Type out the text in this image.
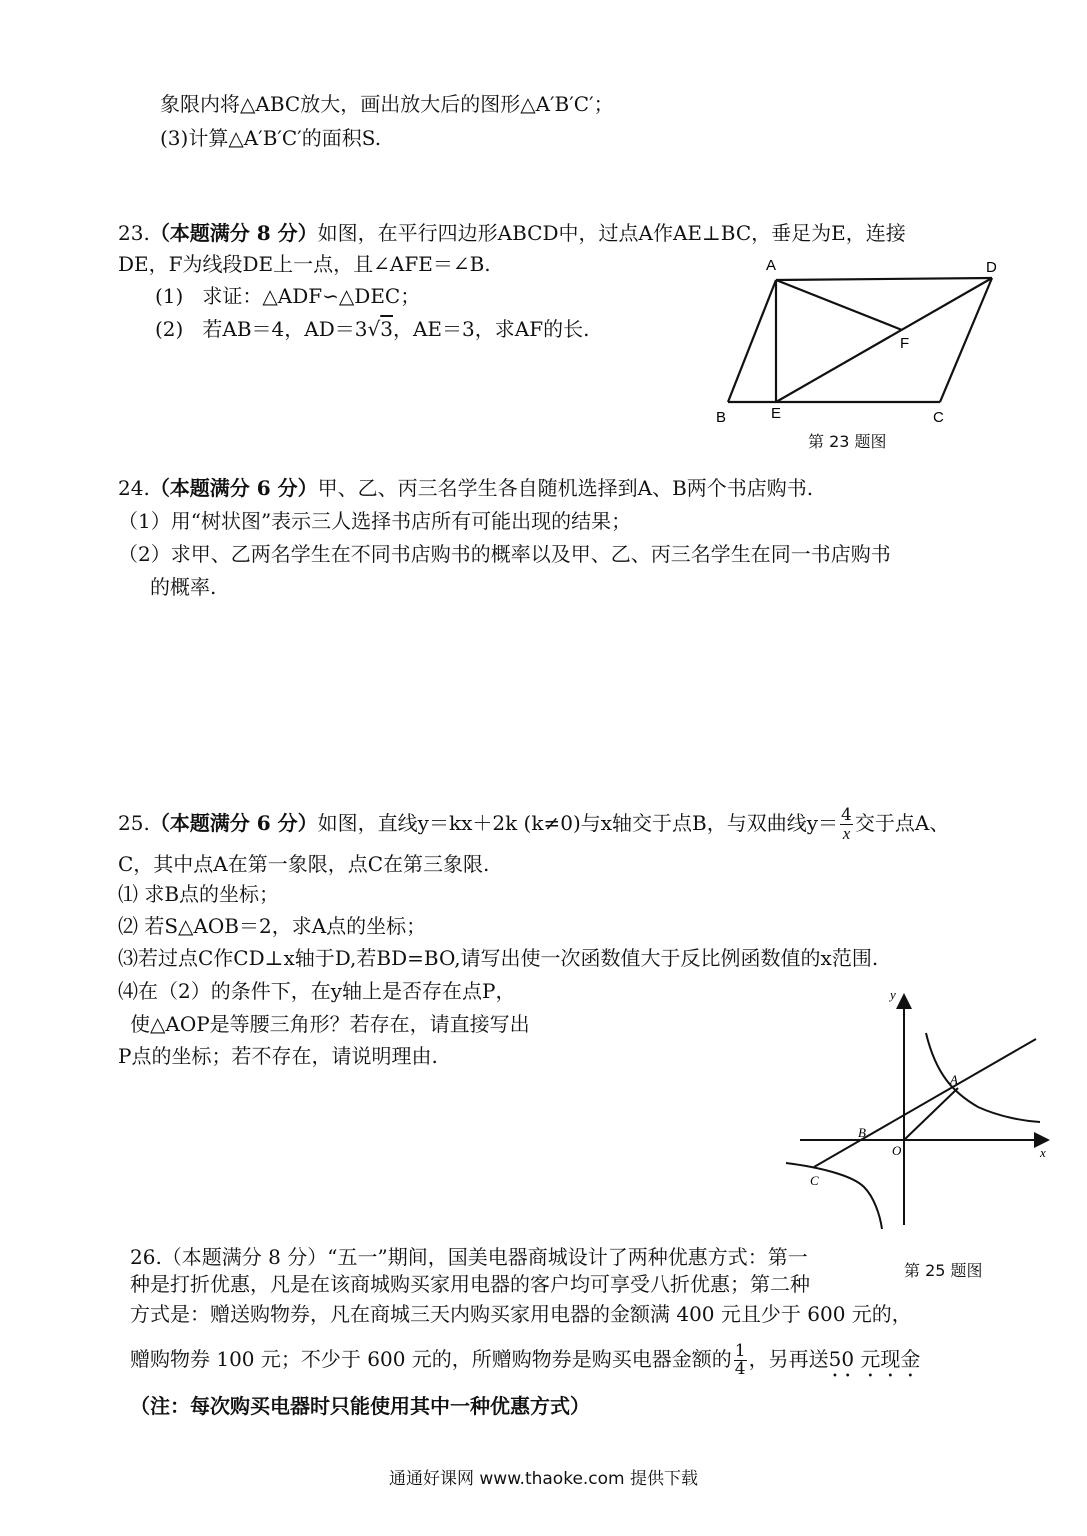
象限内将△ABC放大，画出放大后的图形△A′B′C′；
(3)计算△A′B′C′的面积S.
23.（本题满分 8 分）如图，在平行四边形ABCD中，过点A作AE⊥BC，垂足为E，连接
DE，F为线段DE上一点，且∠AFE＝∠B.
(1) 求证：△ADF∽△DEC；
(2) 若AB＝4，AD＝3√3，AE＝3，求AF的长.
A	D
F
B	E	C
第 23 题图
24.（本题满分 6 分）甲、乙、丙三名学生各自随机选择到A、B两个书店购书.
（1）用“树状图”表示三人选择书店所有可能出现的结果；
（2）求甲、乙两名学生在不同书店购书的概率以及甲、乙、丙三名学生在同一书店购书
的概率.
25.（本题满分 6 分）如图，直线y＝kx＋2k (k≠0)与x轴交于点B，与双曲线$y= \frac{4}{x}$ 交于点A、
C，其中点A在第一象限，点C在第三象限.
⑴ 求B点的坐标；
⑵ 若S△AOB＝2，求A点的坐标；
⑶若过点C作CD⊥x轴于D,若BD=BO,请写出使一次函数值大于反比例函数值的x范围.
⑷在（2）的条件下，在y轴上是否存在点P，
使△AOP是等腰三角形？若存在，请直接写出
P点的坐标；若不存在，请说明理由.
y
x
A
B
O
C
第 25 题图
26.（本题满分 8 分）“五一”期间，国美电器商城设计了两种优惠方式：第一
种是打折优惠，凡是在该商城购买家用电器的客户均可享受八折优惠；第二种
方式是：赠送购物券，凡在商城三天内购买家用电器的金额满 400 元且少于 600 元的，
赠购物券 100 元；不少于 600 元的，所赠购物券是购买电器金额的 $\frac{1}{4}$ ，另再送50 元现金
（注：每次购买电器时只能使用其中一种优惠方式）
通通好课网 www.thaoke.com 提供下载
